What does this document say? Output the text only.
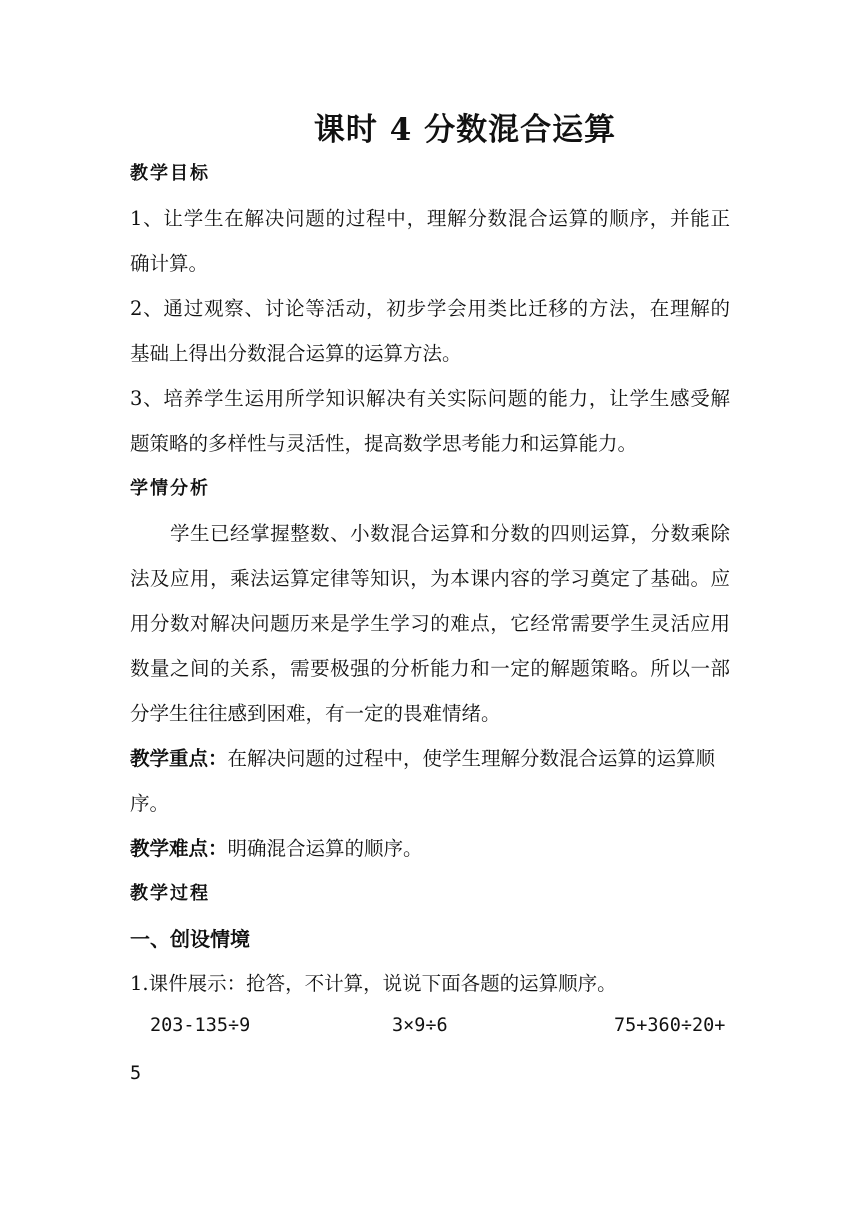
课时 4 分数混合运算

教学目标

1、让学生在解决问题的过程中，理解分数混合运算的顺序，并能正

确计算。

2、通过观察、讨论等活动，初步学会用类比迁移的方法，在理解的

基础上得出分数混合运算的运算方法。

3、培养学生运用所学知识解决有关实际问题的能力，让学生感受解

题策略的多样性与灵活性，提高数学思考能力和运算能力。

学情分析

学生已经掌握整数、小数混合运算和分数的四则运算，分数乘除

法及应用，乘法运算定律等知识，为本课内容的学习奠定了基础。应

用分数对解决问题历来是学生学习的难点，它经常需要学生灵活应用

数量之间的关系，需要极强的分析能力和一定的解题策略。所以一部

分学生往往感到困难，有一定的畏难情绪。

教学重点：在解决问题的过程中，使学生理解分数混合运算的运算顺

序。

教学难点：明确混合运算的顺序。

教学过程

一、创设情境

1.课件展示：抢答，不计算，说说下面各题的运算顺序。

203-135÷9	3×9÷6	75+360÷20+

5
